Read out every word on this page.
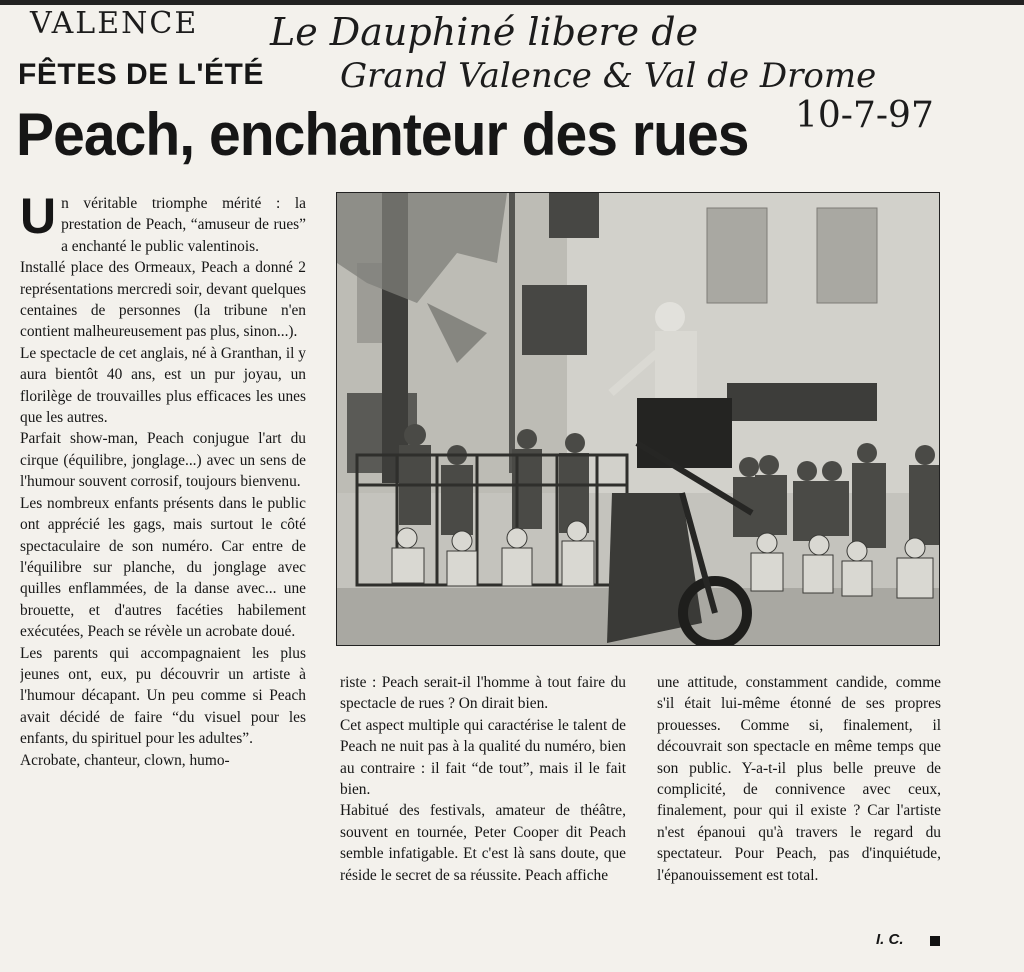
VALENCE Le Dauphiné libere de
Grand Valence & Val de Drome
10-7-97
FÊTES DE L'ÉTÉ
Peach, enchanteur des rues

Un véritable triomphe mérité : la prestation de Peach, “amuseur de rues” a enchanté le public valentinois.

Installé place des Ormeaux, Peach a donné 2 représentations mercredi soir, devant quelques centaines de personnes (la tribune n'en contient malheureusement pas plus, sinon...).

Le spectacle de cet anglais, né à Granthan, il y aura bientôt 40 ans, est un pur joyau, un florilège de trouvailles plus efficaces les unes que les autres.

Parfait show-man, Peach conjugue l'art du cirque (équilibre, jonglage...) avec un sens de l'humour souvent corrosif, toujours bienvenu.

Les nombreux enfants présents dans le public ont apprécié les gags, mais surtout le côté spectaculaire de son numéro. Car entre de l'équilibre sur planche, du jonglage avec quilles enflammées, de la danse avec... une brouette, et d'autres facéties habilement exécutées, Peach se révèle un acrobate doué.

Les parents qui accompagnaient les plus jeunes ont, eux, pu découvrir un artiste à l'humour décapant. Un peu comme si Peach avait décidé de faire “du visuel pour les enfants, du spirituel pour les adultes”.

Acrobate, chanteur, clown, humo-

riste : Peach serait-il l'homme à tout faire du spectacle de rues ? On dirait bien.

Cet aspect multiple qui caractérise le talent de Peach ne nuit pas à la qualité du numéro, bien au contraire : il fait “de tout”, mais il le fait bien.

Habitué des festivals, amateur de théâtre, souvent en tournée, Peter Cooper dit Peach semble infatigable. Et c'est là sans doute, que réside le secret de sa réussite. Peach affiche

une attitude, constamment candide, comme s'il était lui-même étonné de ses propres prouesses. Comme si, finalement, il découvrait son spectacle en même temps que son public. Y-a-t-il plus belle preuve de complicité, de connivence avec ceux, finalement, pour qui il existe ? Car l'artiste n'est épanoui qu'à travers le regard du spectateur. Pour Peach, pas d'inquiétude, l'épanouissement est total.

I. C.
